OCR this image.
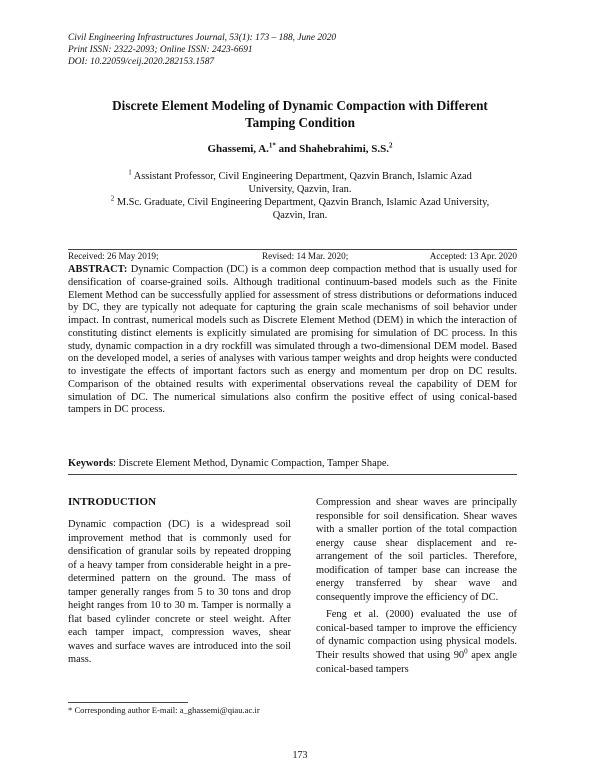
Civil Engineering Infrastructures Journal, 53(1): 173 – 188, June 2020
Print ISSN: 2322-2093; Online ISSN: 2423-6691
DOI: 10.22059/ceij.2020.282153.1587
Discrete Element Modeling of Dynamic Compaction with Different
Tamping Condition
Ghassemi, A.$^{1*}$ and Shahebrahimi, S.S.$^2$
$^1$ Assistant Professor, Civil Engineering Department, Qazvin Branch, Islamic Azad University, Qazvin, Iran.
$^2$ M.Sc. Graduate, Civil Engineering Department, Qazvin Branch, Islamic Azad University, Qazvin, Iran.
Received: 26 May 2019;	Revised: 14 Mar. 2020;	Accepted: 13 Apr. 2020
ABSTRACT: Dynamic Compaction (DC) is a common deep compaction method that is usually used for densification of coarse-grained soils. Although traditional continuum-based models such as the Finite Element Method can be successfully applied for assessment of stress distributions or deformations induced by DC, they are typically not adequate for capturing the grain scale mechanisms of soil behavior under impact. In contrast, numerical models such as Discrete Element Method (DEM) in which the interaction of constituting distinct elements is explicitly simulated are promising for simulation of DC process. In this study, dynamic compaction in a dry rockfill was simulated through a two-dimensional DEM model. Based on the developed model, a series of analyses with various tamper weights and drop heights were conducted to investigate the effects of important factors such as energy and momentum per drop on DC results. Comparison of the obtained results with experimental observations reveal the capability of DEM for simulation of DC. The numerical simulations also confirm the positive effect of using conical-based tampers in DC process.
Keywords: Discrete Element Method, Dynamic Compaction, Tamper Shape.
INTRODUCTION
Dynamic compaction (DC) is a widespread soil improvement method that is commonly used for densification of granular soils by repeated dropping of a heavy tamper from considerable height in a pre-determined pattern on the ground. The mass of tamper generally ranges from 5 to 30 tons and drop height ranges from 10 to 30 m. Tamper is normally a flat based cylinder concrete or steel weight. After each tamper impact, compression waves, shear waves and surface waves are introduced into the soil mass.
Compression and shear waves are principally responsible for soil densification. Shear waves with a smaller portion of the total compaction energy cause shear displacement and re-arrangement of the soil particles. Therefore, modification of tamper base can increase the energy transferred by shear wave and consequently improve the efficiency of DC.
Feng et al. (2000) evaluated the use of conical-based tamper to improve the efficiency of dynamic compaction using physical models. Their results showed that using $90^0$ apex angle conical-based tampers
* Corresponding author E-mail: a_ghassemi@qiau.ac.ir
173
